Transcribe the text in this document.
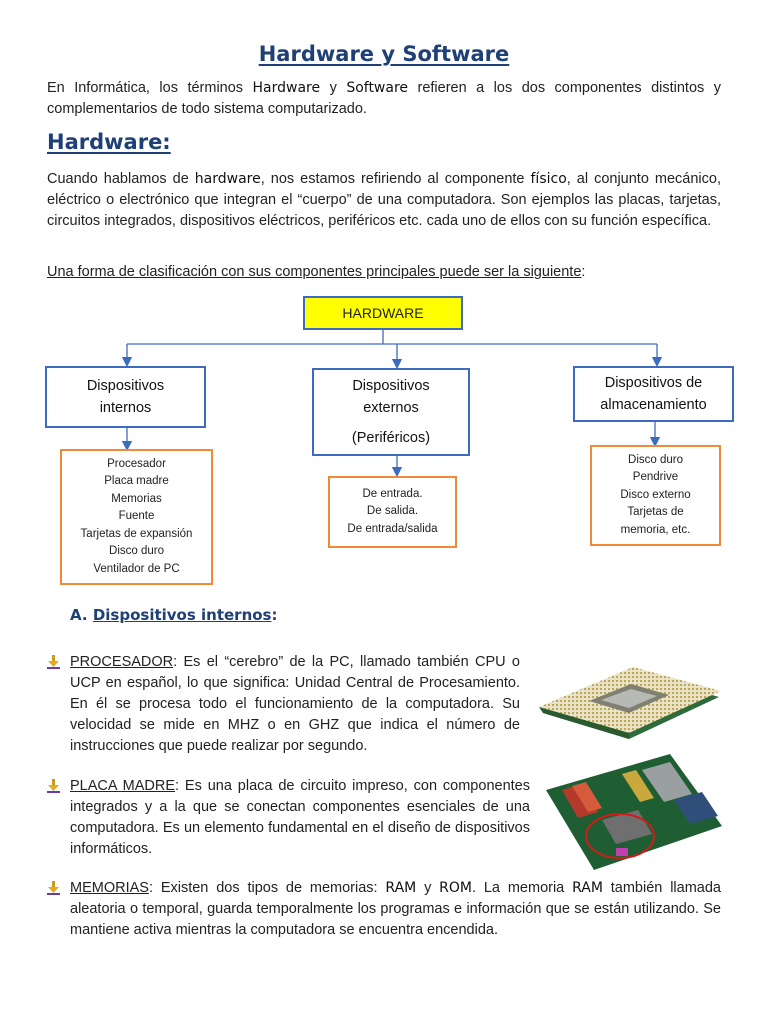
Hardware y Software
En Informática, los términos Hardware y Software refieren a los dos componentes distintos y complementarios de todo sistema computarizado.
Hardware:
Cuando hablamos de hardware, nos estamos refiriendo al componente físico, al conjunto mecánico, eléctrico o electrónico que integran el “cuerpo” de una computadora. Son ejemplos las placas, tarjetas, circuitos integrados, dispositivos eléctricos, periféricos etc. cada uno de ellos con su función específica.
Una forma de clasificación con sus componentes principales puede ser la siguiente:
HARDWARE
Dispositivos internos
Dispositivos externos
(Periféricos)
Dispositivos de almacenamiento
Procesador
Placa madre
Memorias
Fuente
Tarjetas de expansión
Disco duro
Ventilador de PC
De entrada.
De salida.
De entrada/salida
Disco duro
Pendrive
Disco externo
Tarjetas de memoria, etc.
A. Dispositivos internos:
PROCESADOR: Es el “cerebro” de la PC, llamado también CPU o UCP en español, lo que significa: Unidad Central de Procesamiento. En él se procesa todo el funcionamiento de la computadora. Su velocidad se mide en MHZ o en GHZ que indica el número de instrucciones que puede realizar por segundo.
PLACA MADRE: Es una placa de circuito impreso, con componentes integrados y a la que se conectan componentes esenciales de una computadora. Es un elemento fundamental en el diseño de dispositivos informáticos.
MEMORIAS: Existen dos tipos de memorias: RAM y ROM. La memoria RAM también llamada aleatoria o temporal, guarda temporalmente los programas e información que se están utilizando. Se mantiene activa mientras la computadora se encuentra encendida.
